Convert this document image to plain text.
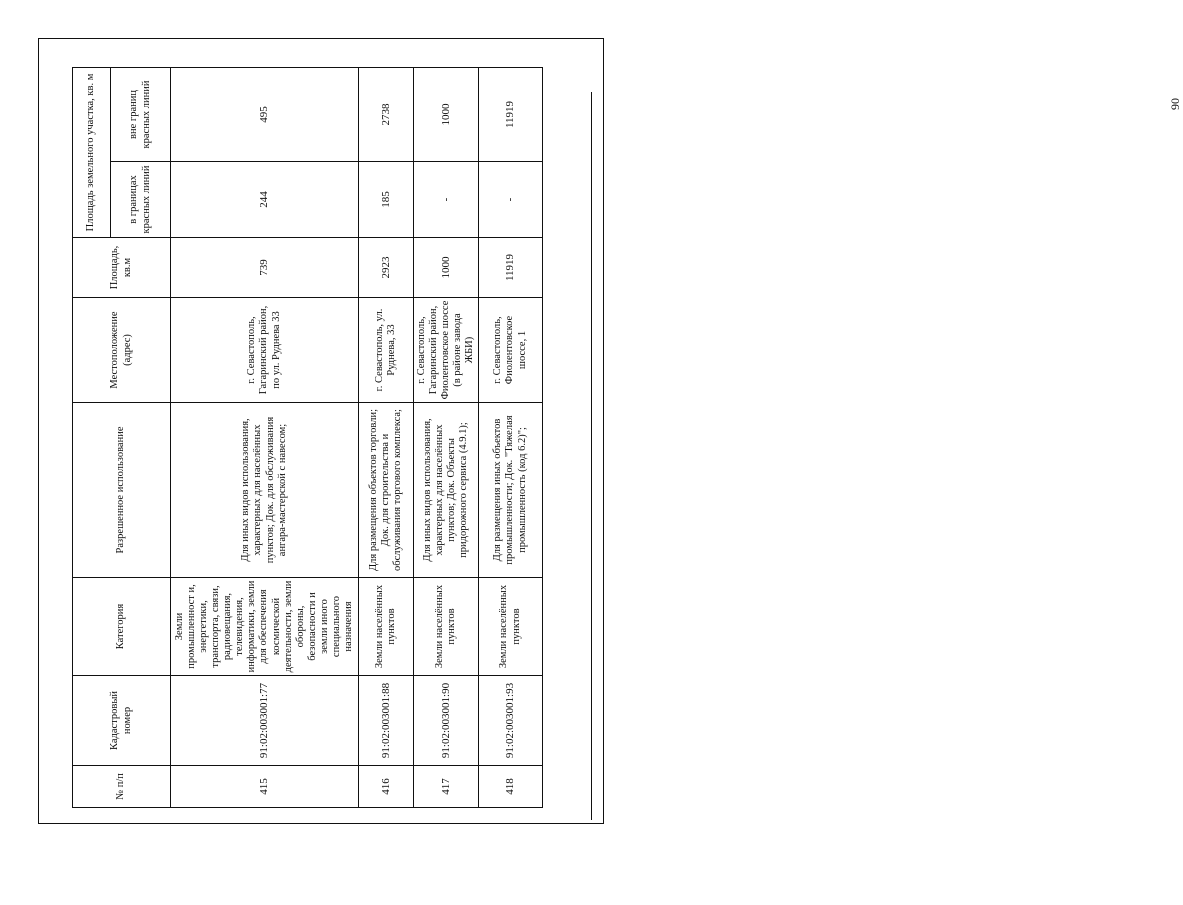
90
№ п/п	Кадастровый номер	Категория	Разрешенное использование	Местоположение (адрес)	Площадь, кв.м	Площадь земельного участка, кв. м	
						в границах красных линий	вне границ красных линий
415	91:02:003001:77	Земли промышленност и, энергетики, транспорта, связи, радиовещания, телевидения, информатики, земли для обеспечения космической деятельности, земли обороны, безопасности и земли иного специального назначения	Для иных видов использования, характерных для населённых пунктов; Док. для обслуживания ангара-мастерской с навесом;	г. Севастополь, Гагаринский район, по ул. Руднева 33	739	244	495
416	91:02:003001:88	Земли населённых пунктов	Для размещения объектов торговли; Док. для строительства и обслуживания торгового комплекса;	г. Севастополь, ул. Руднева, 33	2923	185	2738
417	91:02:003001:90	Земли населённых пунктов	Для иных видов использования, характерных для населённых пунктов; Док. Объекты придорожного сервиса (4.9.1);	г. Севастополь, Гагаринский район, Фиолентовское шоссе (в районе завода ЖБИ)	1000	-	1000
418	91:02:003001:93	Земли населённых пунктов	Для размещения иных объектов промышленности; Док. "Тяжелая промышленность (код 6.2)";	г. Севастополь, Фиолентовское шоссе, 1	11919	-	11919
